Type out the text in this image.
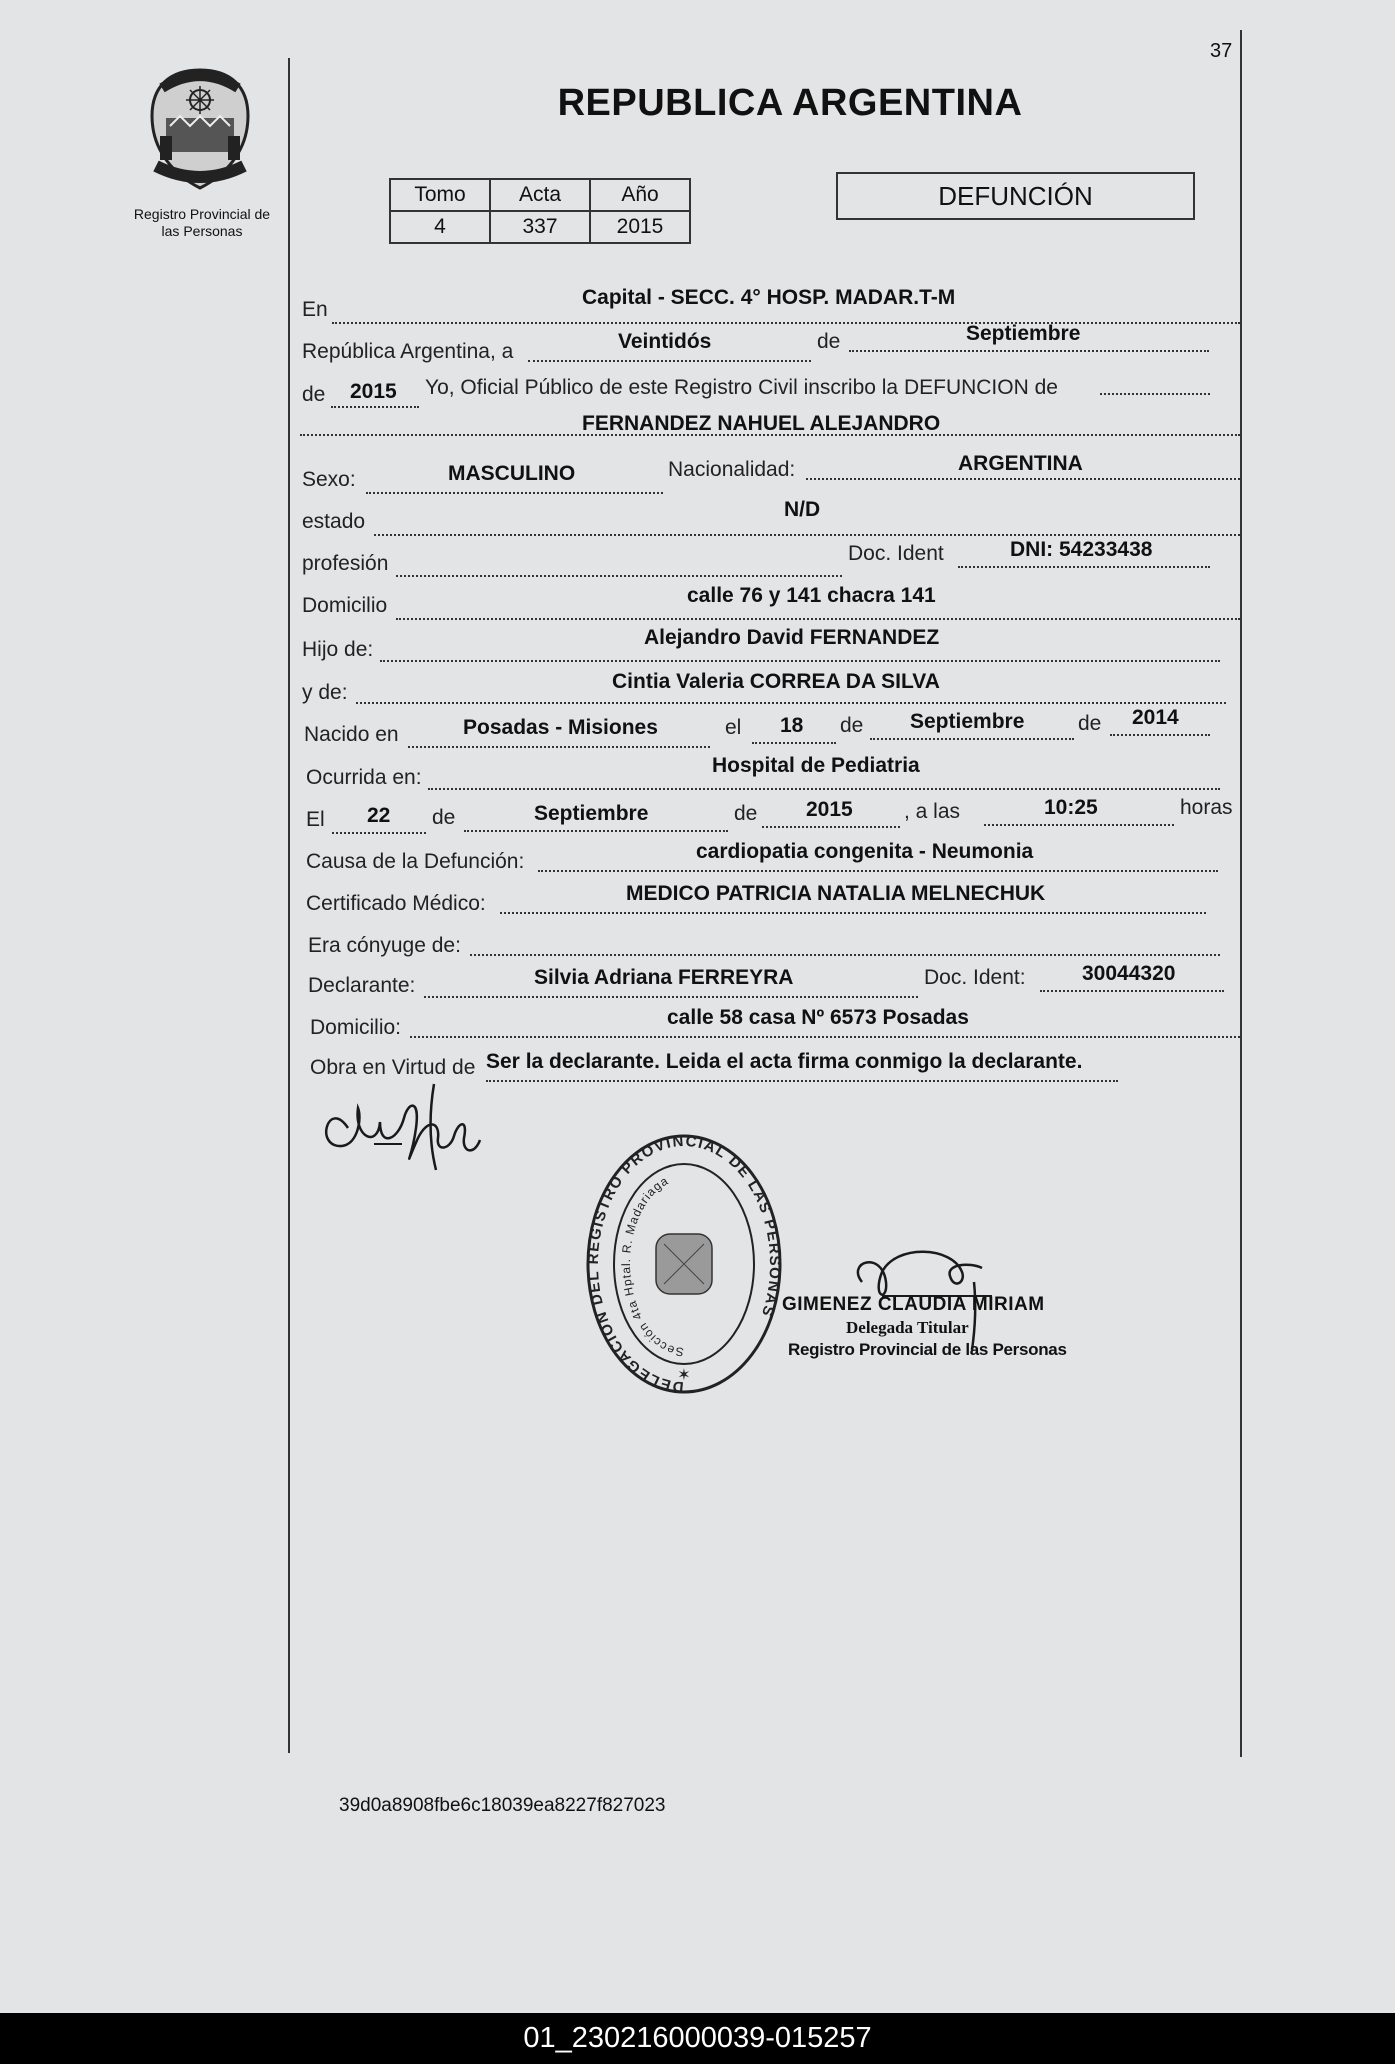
37
Registro Provincial de las Personas
REPUBLICA ARGENTINA
Tomo	Acta	Año
4	337	2015
DEFUNCIÓN
En
Capital - SECC. 4° HOSP. MADAR.T-M
República Argentina, a	Veintidós	de	Septiembre
de 2015 Yo, Oficial Público de este Registro Civil inscribo la DEFUNCION de
FERNANDEZ NAHUEL ALEJANDRO
Sexo:	MASCULINO	Nacionalidad:	ARGENTINA
estado
N/D
profesión	Doc. Ident	DNI: 54233438
Domicilio	calle 76 y 141 chacra 141
Hijo de:
Alejandro David FERNANDEZ
y de:	Cintia Valeria CORREA DA SILVA
Nacido en	Posadas - Misiones	el 18 de Septiembre	de 2014
Ocurrida en:
Hospital de Pediatria
El 22 de	Septiembre	de 2015 , a las	10:25	horas
Causa de la Defunción:	cardiopatia congenita - Neumonia
Certificado Médico:	MEDICO PATRICIA NATALIA MELNECHUK
Era cónyuge de:
Declarante:	Silvia Adriana FERREYRA	Doc. Ident:	30044320
Domicilio:	calle 58 casa Nº 6573 Posadas
Obra en Virtud de Ser la declarante. Leida el acta firma conmigo la declarante.
DELEGACION DEL REGISTRO PROVINCIAL DE LAS PERSONAS
Sección 4ta Hptal. R. Madariaga
✶
GIMENEZ CLAUDIA MIRIAM
Delegada Titular
Registro Provincial de las Personas
39d0a8908fbe6c18039ea8227f827023
01_230216000039-015257
